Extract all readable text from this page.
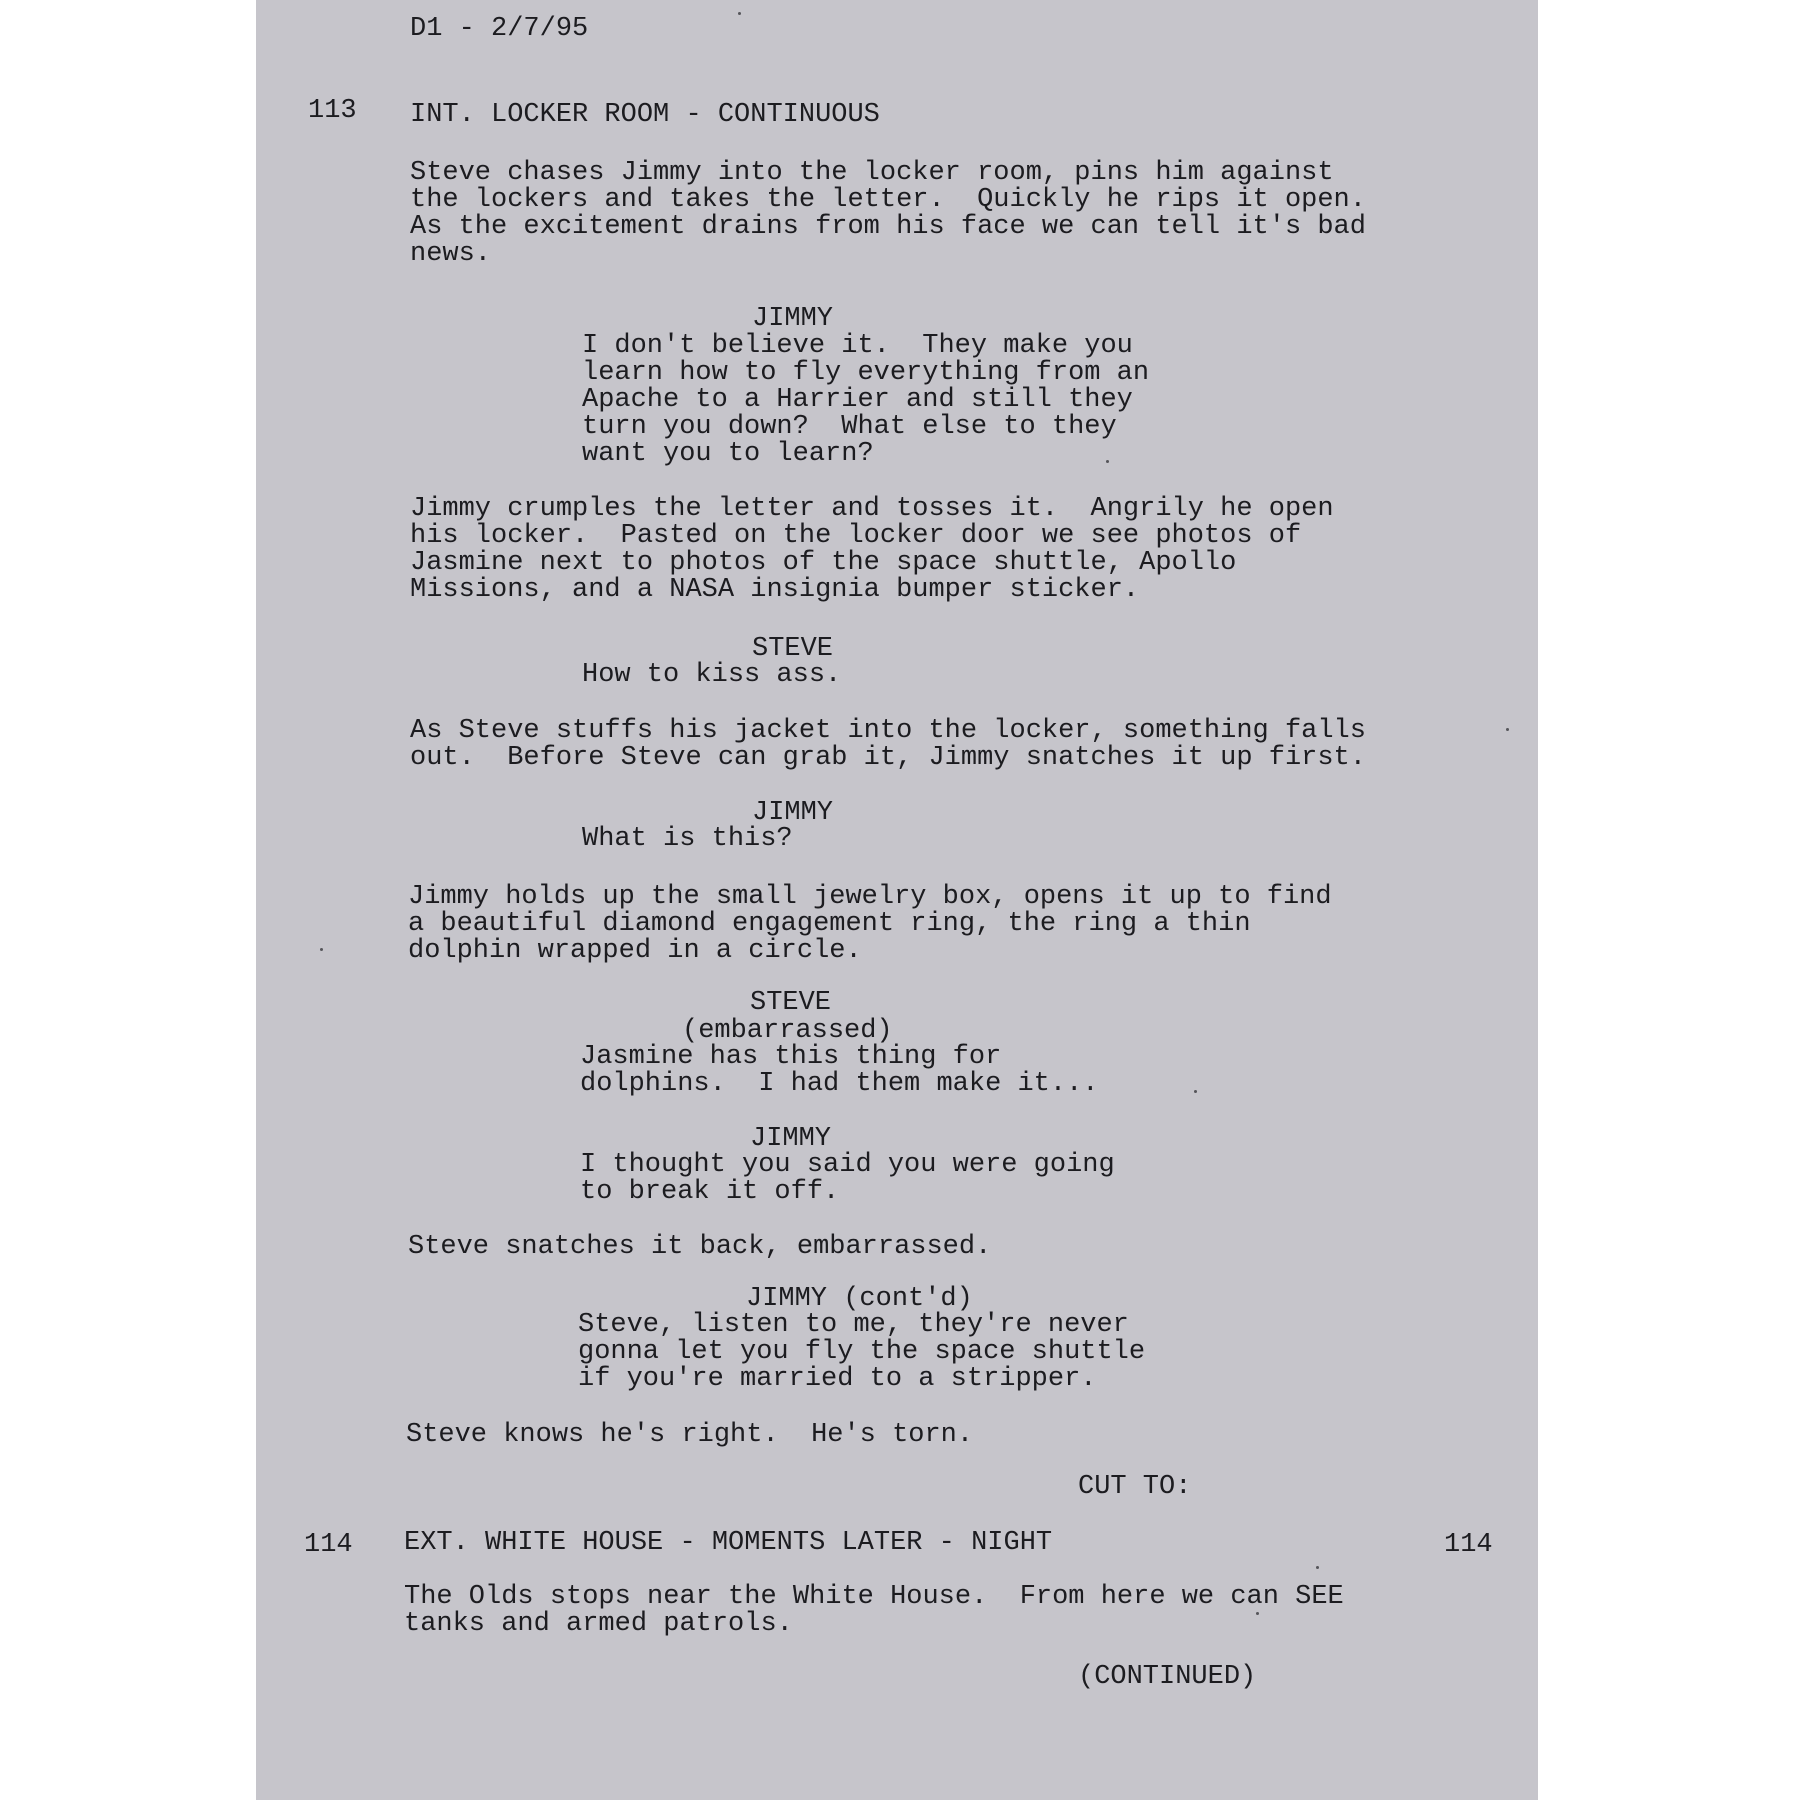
D1 - 2/7/95
113 INT. LOCKER ROOM - CONTINUOUS

Steve chases Jimmy into the locker room, pins him against

the lockers and takes the letter.  Quickly he rips it open.

As the excitement drains from his face we can tell it's bad

news.

JIMMY

I don't believe it.  They make you

learn how to fly everything from an

Apache to a Harrier and still they

turn you down?  What else to they

want you to learn?

Jimmy crumples the letter and tosses it.  Angrily he open

his locker.  Pasted on the locker door we see photos of

Jasmine next to photos of the space shuttle, Apollo

Missions, and a NASA insignia bumper sticker.

STEVE
How to kiss ass.

As Steve stuffs his jacket into the locker, something falls

out.  Before Steve can grab it, Jimmy snatches it up first.

JIMMY
What is this?

Jimmy holds up the small jewelry box, opens it up to find

a beautiful diamond engagement ring, the ring a thin

dolphin wrapped in a circle.

STEVE
(embarrassed)

Jasmine has this thing for

dolphins.  I had them make it...

JIMMY

I thought you said you were going

to break it off.

Steve snatches it back, embarrassed.
JIMMY (cont'd)

Steve, listen to me, they're never

gonna let you fly the space shuttle

if you're married to a stripper.

Steve knows he's right.  He's torn.
CUT TO:
114 EXT. WHITE HOUSE - MOMENTS LATER - NIGHT	114

The Olds stops near the White House.  From here we can SEE

tanks and armed patrols.

(CONTINUED)
